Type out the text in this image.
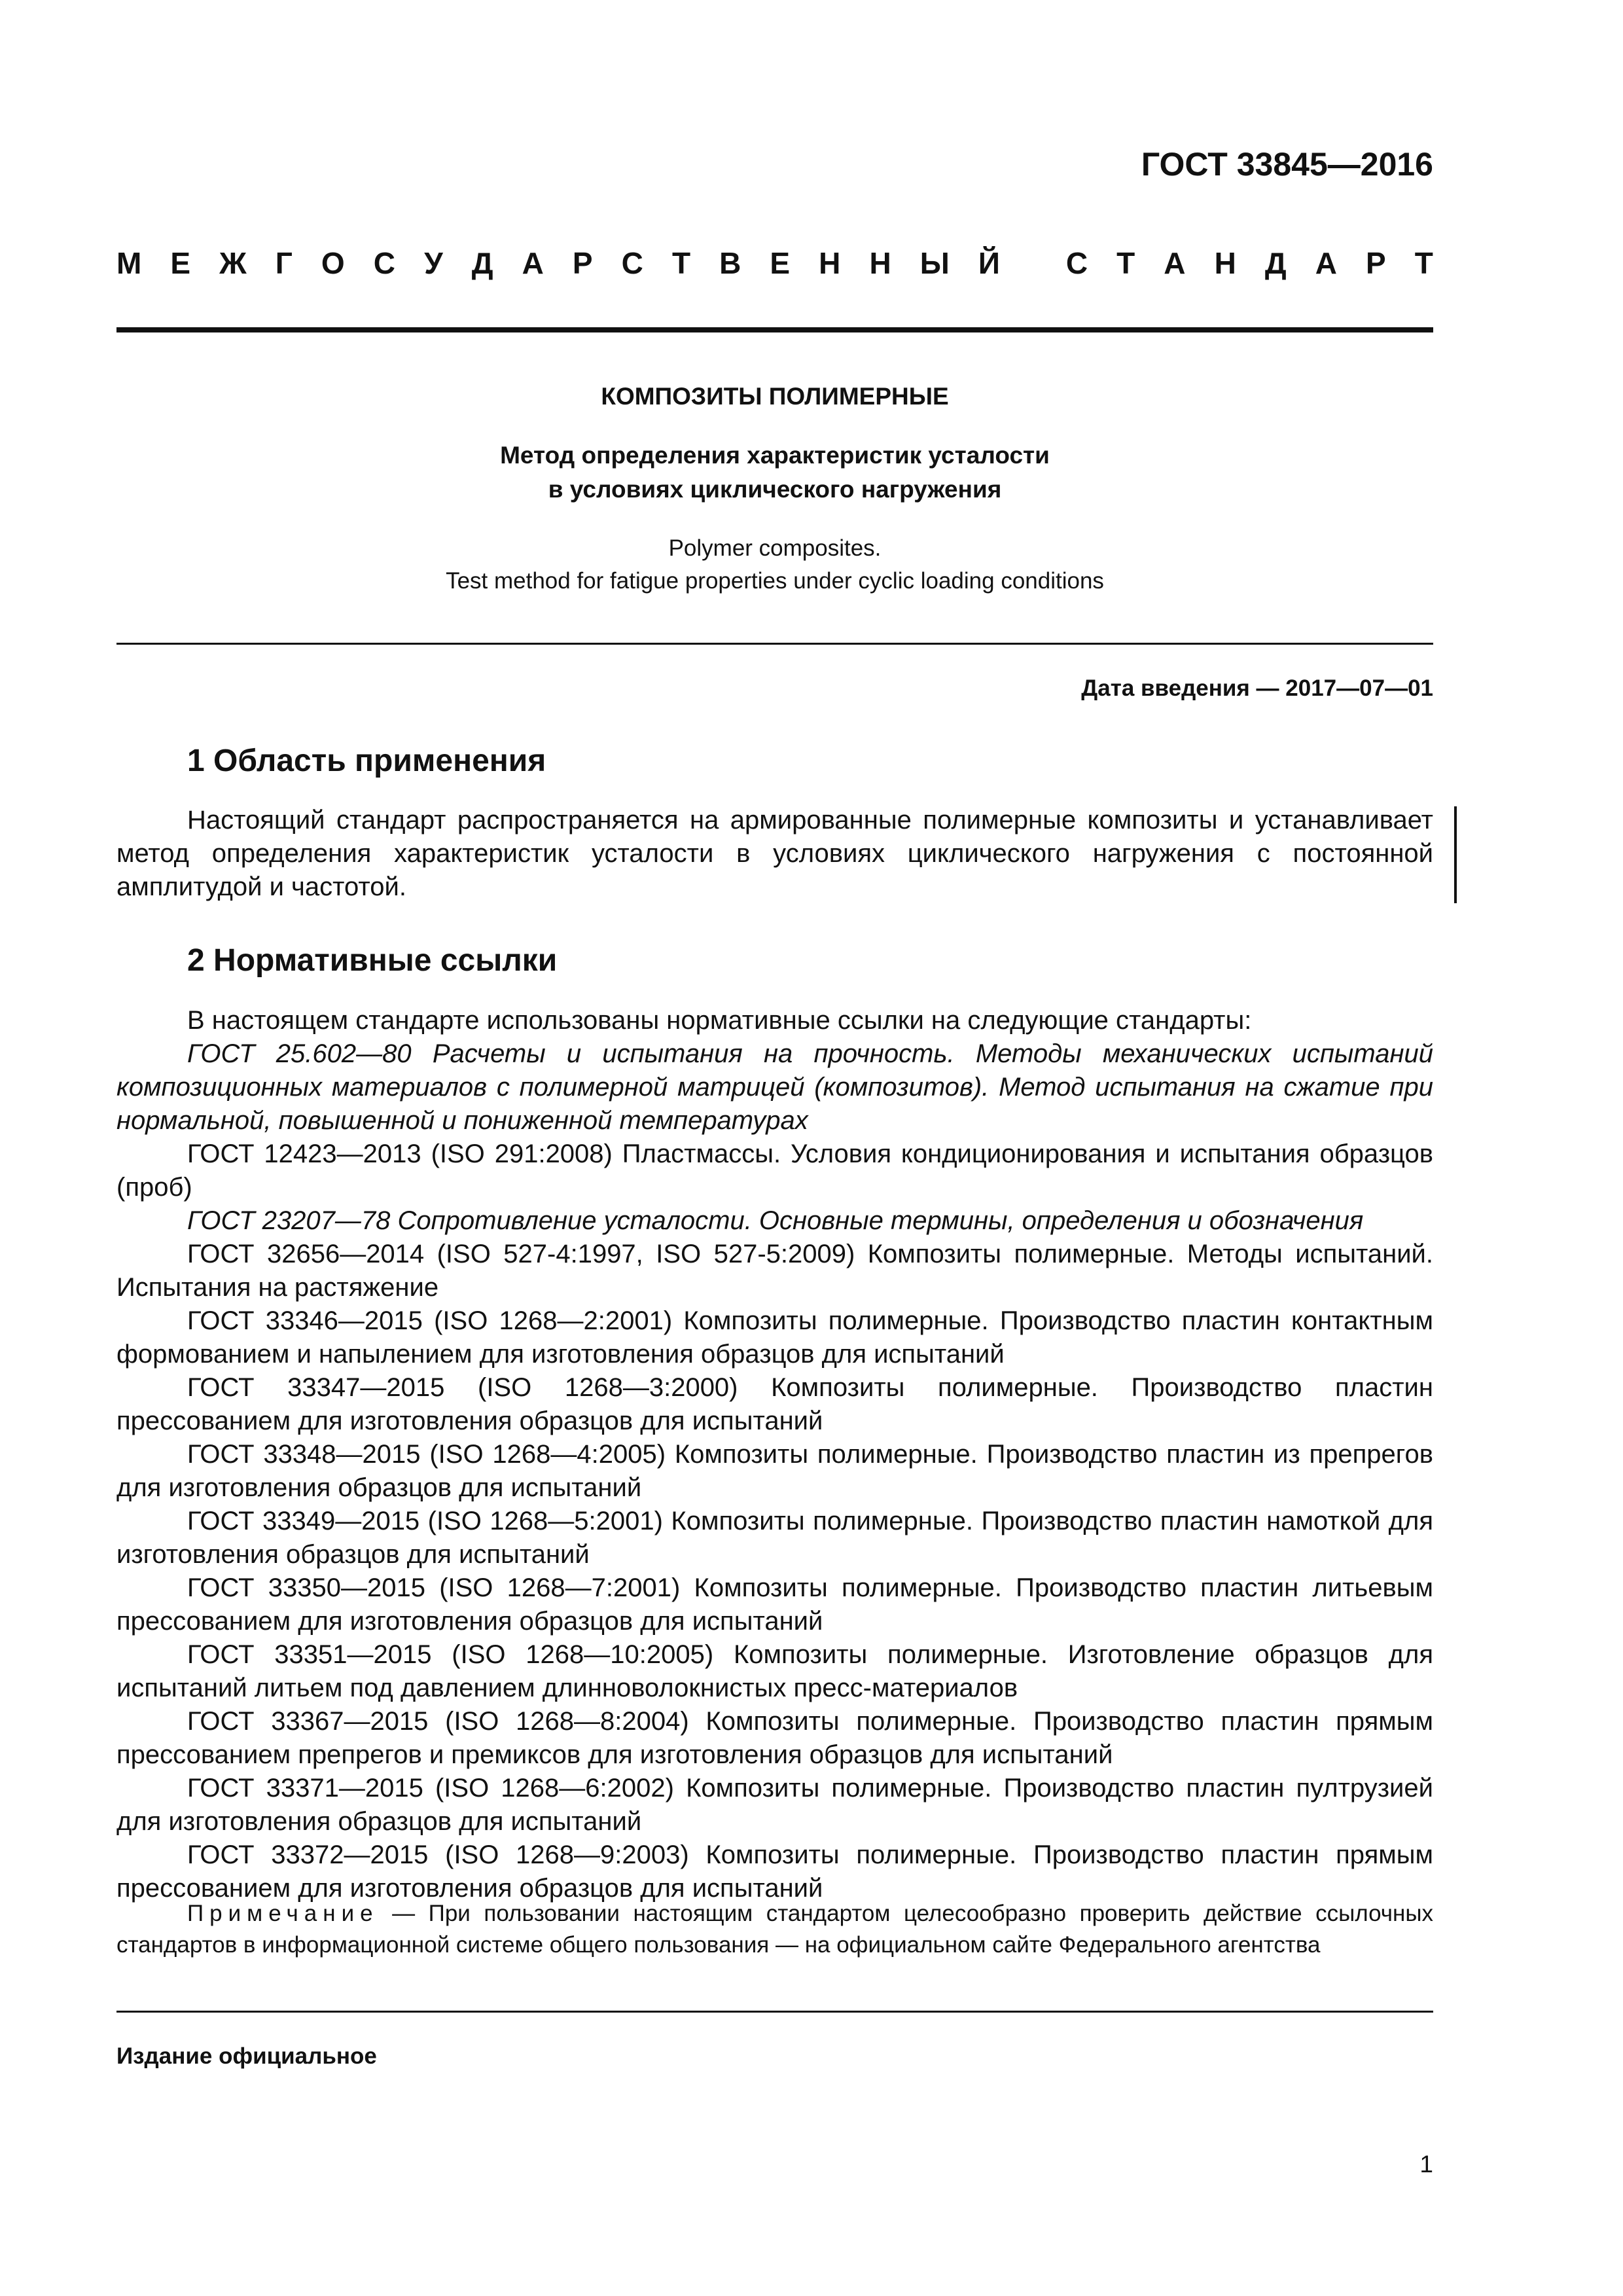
ГОСТ 33845—2016
М Е Ж Г О С У Д А Р С Т В Е Н Н Ы Й
С Т А Н Д А Р Т
КОМПОЗИТЫ ПОЛИМЕРНЫЕ
Метод определения характеристик усталости
в условиях циклического нагружения
Polymer composites.
Test method for fatigue properties under cyclic loading conditions
Дата введения — 2017—07—01
1 Область применения

Настоящий стандарт распространяется на армированные полимерные композиты и устанавливает метод определения характеристик усталости в условиях циклического нагружения с постоянной амплитудой и частотой.

2 Нормативные ссылки

В настоящем стандарте использованы нормативные ссылки на следующие стандарты:

ГОСТ 25.602—80 Расчеты и испытания на прочность. Методы механических испытаний композиционных материалов с полимерной матрицей (композитов). Метод испытания на сжатие при нормальной, повышенной и пониженной температурах

ГОСТ 12423—2013 (ISO 291:2008) Пластмассы. Условия кондиционирования и испытания образцов (проб)

ГОСТ 23207—78 Сопротивление усталости. Основные термины, определения и обозначения

ГОСТ 32656—2014 (ISO 527-4:1997, ISO 527-5:2009) Композиты полимерные. Методы испытаний. Испытания на растяжение

ГОСТ 33346—2015 (ISO 1268—2:2001) Композиты полимерные. Производство пластин контактным формованием и напылением для изготовления образцов для испытаний

ГОСТ 33347—2015 (ISO 1268—3:2000) Композиты полимерные. Производство пластин прессованием для изготовления образцов для испытаний

ГОСТ 33348—2015 (ISO 1268—4:2005) Композиты полимерные. Производство пластин из препрегов для изготовления образцов для испытаний

ГОСТ 33349—2015 (ISO 1268—5:2001) Композиты полимерные. Производство пластин намоткой для изготовления образцов для испытаний

ГОСТ 33350—2015 (ISO 1268—7:2001) Композиты полимерные. Производство пластин литьевым прессованием для изготовления образцов для испытаний

ГОСТ 33351—2015 (ISO 1268—10:2005) Композиты полимерные. Изготовление образцов для испытаний литьем под давлением длинноволокнистых пресс-материалов

ГОСТ 33367—2015 (ISO 1268—8:2004) Композиты полимерные. Производство пластин прямым прессованием препрегов и премиксов для изготовления образцов для испытаний

ГОСТ 33371—2015 (ISO 1268—6:2002) Композиты полимерные. Производство пластин пултрузией для изготовления образцов для испытаний

ГОСТ 33372—2015 (ISO 1268—9:2003) Композиты полимерные. Производство пластин прямым прессованием для изготовления образцов для испытаний

Примечание — При пользовании настоящим стандартом целесообразно проверить действие ссылочных стандартов в информационной системе общего пользования — на официальном сайте Федерального агентства
Издание официальное
1
